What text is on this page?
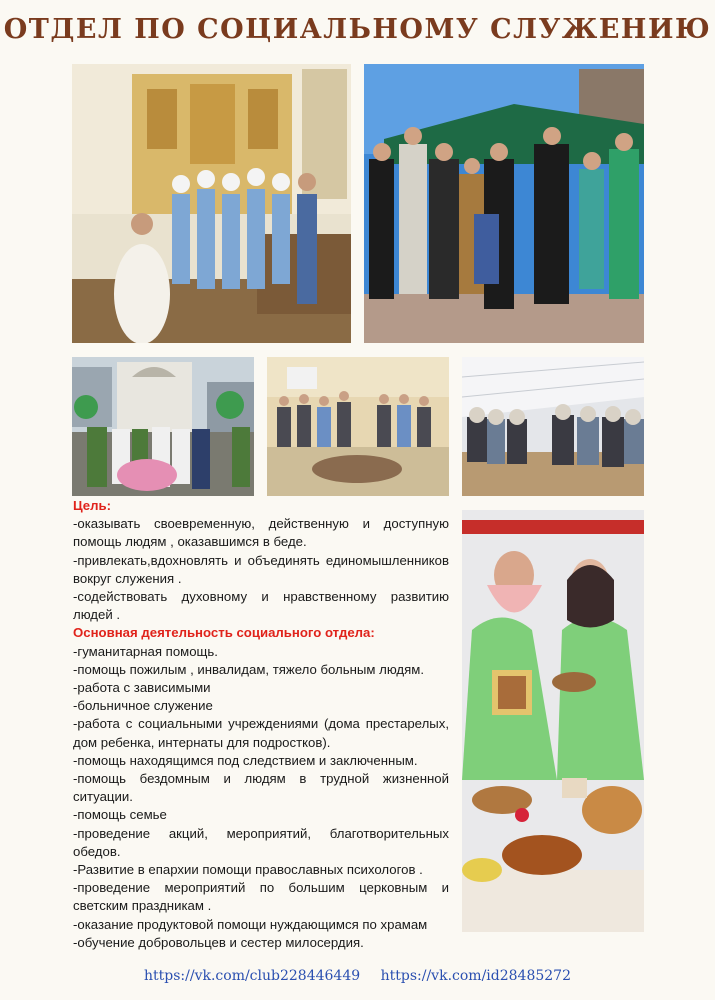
ОТДЕЛ ПО СОЦИАЛЬНОМУ СЛУЖЕНИЮ

Цель:

-оказывать своевременную, действенную и доступную помощь людям , оказавшимся в беде.

-привлекать,вдохновлять и объединять единомышленников вокруг служения .

-содействовать духовному и нравственному развитию людей .

Основная деятельность социального отдела:

-гуманитарная помощь.

-помощь пожилым , инвалидам, тяжело больным людям.

-работа с зависимыми

-больничное служение

-работа с социальными учреждениями (дома престарелых, дом ребенка, интернаты для подростков).

-помощь находящимся под следствием и заключенным.

-помощь бездомным и людям в трудной жизненной ситуации.

-помощь семье

-проведение акций, мероприятий, благотворительных обедов.

-Развитие в епархии помощи православных психологов .

-проведение мероприятий по большим церковным и светским праздникам .

-оказание продуктовой помощи нуждающимся по храмам

-обучение добровольцев и сестер милосердия.

https://vk.com/club228446449 https://vk.com/id28485272
